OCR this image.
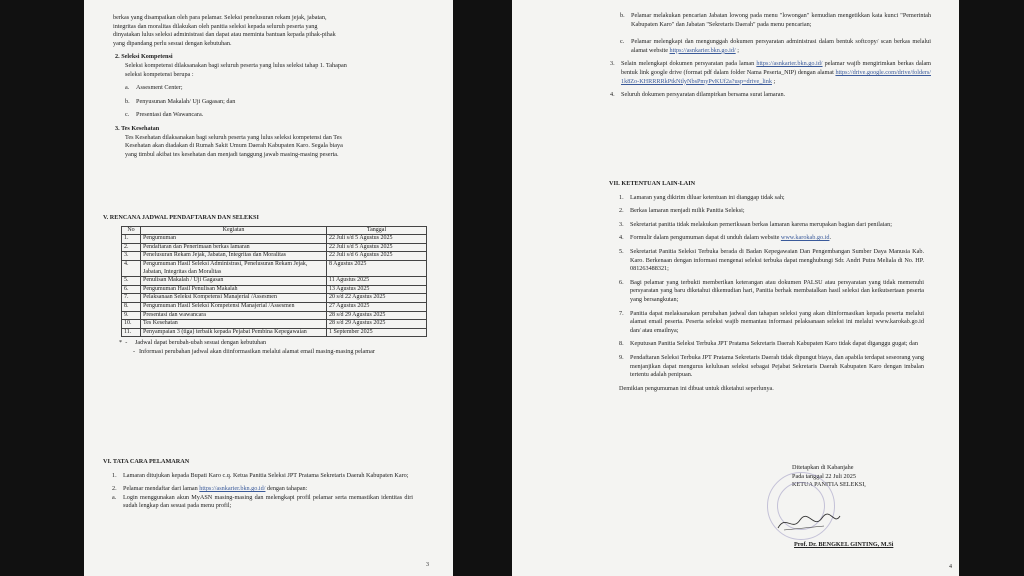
berkas yang disampaikan oleh para pelamar. Seleksi penelusuran rekam jejak, jabatan,

integritas dan moralitas dilakukan oleh panitia seleksi kepada seluruh peserta yang

dinyatakan lulus seleksi administrasi dan dapat atau meminta bantuan kepada pihak-pihak

yang dipandang perlu sesuai dengan kebutuhan.

2. Seleksi Kompetensi

Seleksi kompetensi dilaksanakan bagi seluruh peserta yang lulus seleksi tahap 1. Tahapan

seleksi kompetensi berupa :

a.	Assesment Center;
b.	Penyusunan Makalah/ Uji Gagasan; dan
c.	Presentasi dan Wawancara.

3. Tes Kesehatan

Tes Kesehatan dilaksanakan bagi seluruh peserta yang lulus seleksi kompetensi dan Tes

Kesehatan akan diadakan di Rumah Sakit Umum Daerah Kabupaten Karo. Segala biaya

yang timbul akibat tes kesehatan dan menjadi tanggung jawab masing-masing peserta.

V. RENCANA JADWAL PENDAFTARAN DAN SELEKSI

No	Kegiatan	Tanggal
1.	Pengumuman	22 Juli s/d 5 Agustus 2025
2.	Pendaftaran dan Penerimaan berkas lamaran	22 Juli s/d 5 Agustus 2025
3.	Penelusuran Rekam Jejak, Jabatan, Integritas dan Moralitas	22 Juli s/d 6 Agustus 2025
4.	Pengumuman Hasil Seleksi Administrasi, Penelusuran Rekam Jejak, Jabatan, Integritas dan Moralitas	8 Agustus 2025
5.	Penulisan Makalah / Uji Gagasan	11 Agustus 2025
6.	Pengumuman Hasil Penulisan Makalah	13 Agustus 2025
7.	Pelaksanaan Seleksi Kompetensi Manajerial /Assesmen	20 s/d 22 Agustus 2025
8.	Pengumuman Hasil Seleksi Kompetensi Manajerial /Assesmen	27 Agustus 2025
9.	Presentasi dan wawancara	28 s/d 29 Agustus 2025
10.	Tes Kesehatan	28 s/d 29 Agustus 2025
11.	Penyampaian 3 (tiga) terbaik kepada Pejabat Pembina Kepegawaian	1 September 2025
*  -	Jadwal dapat berubah-ubah sesuai dengan kebutuhan
- Informasi perubahan jadwal akan diinformasikan melalui alamat email masing-masing pelamar

VI. TATA CARA PELAMARAN

1.	Lamaran ditujukan kepada Bupati Karo c.q. Ketua Panitia Seleksi JPT Pratama Sekretaris Daerah Kabupaten Karo;
2.	Pelamar mendaftar dari laman https://asnkarier.bkn.go.id/ dengan tahapan:
a.	Login menggunakan akun MyASN masing-masing dan melengkapi profil pelamar serta memastikan identitas diri sudah lengkap dan sesuai pada menu profil;
3
b.	Pelamar melakukan pencarian Jabatan lowong pada menu "lowongan" kemudian mengetikkan kata kunci "Pemerintah Kabupaten Karo" dan Jabatan "Sekretaris Daerah" pada menu pencarian;
c.	Pelamar melengkapi dan mengunggah dokumen persyaratan administrasi dalam bentuk softcopy/ scan berkas melalui alamat website https://asnkarier.bkn.go.id/ ;
3.	Selain melengkapi dokumen persyaratan pada laman https://asnkarier.bkn.go.id/ pelamar wajib mengirimkan berkas dalam bentuk link google drive (format pdf dalam folder Nama Peserta_NIP) dengan alamat https://drive.google.com/drive/folders/1k8Zo-KHRRRRkPtkNtlyNbsPmyPvKUf2a?usp=drive_link ;
4.	Seluruh dokumen persyaratan dilampirkan bersama surat lamaran.

VII. KETENTUAN LAIN-LAIN

1.	Lamaran yang dikirim diluar ketentuan ini dianggap tidak sah;
2.	Berkas lamaran menjadi milik Panitia Seleksi;
3.	Sekretariat panitia tidak melakukan pemeriksaan berkas lamaran karena merupakan bagian dari penilaian;
4.	Formulir dalam pengumuman dapat di unduh dalam website www.karokab.go.id.
5.	Sekretariat Panitia Seleksi Terbuka berada di Badan Kepegawaian Dan Pengembangan Sumber Daya Manusia Kab. Karo. Berkenaan dengan informasi mengenai seleksi terbuka dapat menghubungi Sdr. Andri Putra Meliala di No. HP. 081263488321;
6.	Bagi pelamar yang terbukti memberikan keterangan atau dokumen PALSU atau persyaratan yang tidak memenuhi persyaratan yang baru diketahui dikemudian hari, Panitia berhak membatalkan hasil seleksi dan keikutsertaan peserta yang bersangkutan;
7.	Panitia dapat melaksanakan perubahan jadwal dan tahapan seleksi yang akan diinformasikan kepada peserta melalui alamat email peserta. Peserta seleksi wajib memantau informasi pelaksanaan seleksi ini melalui www.karokab.go.id dan/ atau emailnya;
8.	Keputusan Panitia Seleksi Terbuka JPT Pratama Sekretaris Daerah Kabupaten Karo tidak dapat diganggu gugat; dan
9.	Pendaftaran Seleksi Terbuka JPT Pratama Sekretaris Daerah tidak dipungut biaya, dan apabila terdapat seseorang yang menjanjikan dapat mengurus kelulusan seleksi sebagai Pejabat Sekretaris Daerah Kabupaten Karo dengan imbalan tertentu adalah penipuan.

Demikian pengumuman ini dibuat untuk diketahui seperlunya.

Ditetapkan di Kabanjahe

Pada tanggal 22 Juli 2025

KETUA PANITIA SELEKSI,

Prof. Dr. BENGKEL GINTING, M.Si

4
